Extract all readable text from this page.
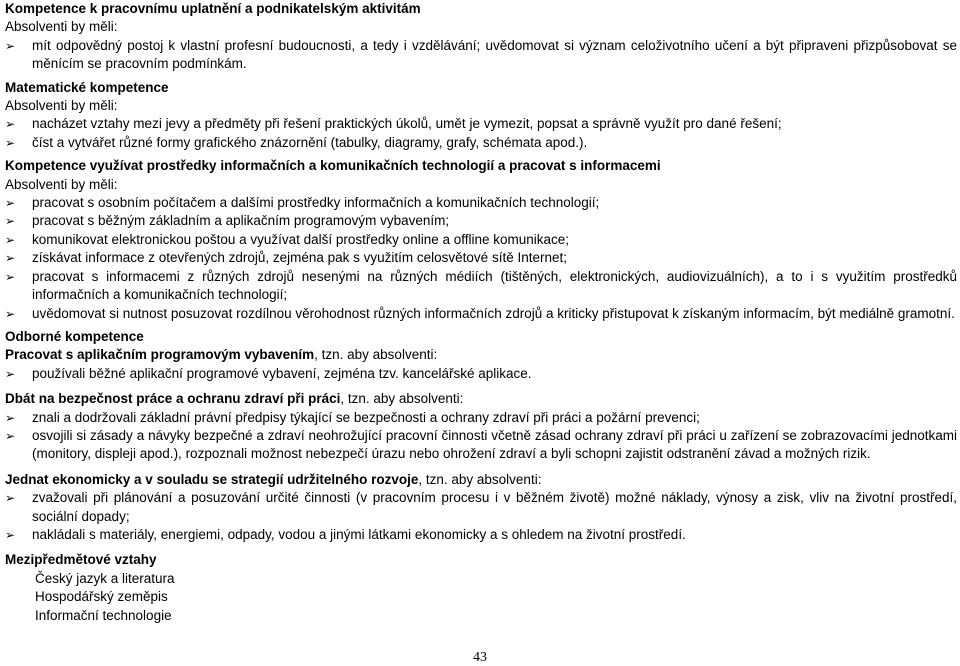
Kompetence k pracovnímu uplatnění a podnikatelským aktivitám
Absolventi by měli:
➢	mít odpovědný postoj k vlastní profesní budoucnosti, a tedy i vzdělávání; uvědomovat si význam celoživotního učení a být připraveni přizpůsobovat se měnícím se pracovním podmínkám.
Matematické kompetence
Absolventi by měli:
➢	nacházet vztahy mezi jevy a předměty při řešení praktických úkolů, umět je vymezit, popsat a správně využít pro dané řešení;
➢	číst a vytvářet různé formy grafického znázornění (tabulky, diagramy, grafy, schémata apod.).
Kompetence využívat prostředky informačních a komunikačních technologií a pracovat s informacemi
Absolventi by měli:
➢	pracovat s osobním počítačem a dalšími prostředky informačních a komunikačních technologií;
➢	pracovat s běžným základním a aplikačním programovým vybavením;
➢	komunikovat elektronickou poštou a využívat další prostředky online a offline komunikace;
➢	získávat informace z otevřených zdrojů, zejména pak s využitím celosvětové sítě Internet;
➢	pracovat s informacemi z různých zdrojů nesenými na různých médiích (tištěných, elektronických, audiovizuálních), a to i s využitím prostředků informačních a komunikačních technologií;
➢	uvědomovat si nutnost posuzovat rozdílnou věrohodnost různých informačních zdrojů a kriticky přistupovat k získaným informacím, být mediálně gramotní.
Odborné kompetence
Pracovat s aplikačním programovým vybavením, tzn. aby absolventi:
➢	používali běžné aplikační programové vybavení, zejména tzv. kancelářské aplikace.
Dbát na bezpečnost práce a ochranu zdraví při práci, tzn. aby absolventi:
➢	znali a dodržovali základní právní předpisy týkající se bezpečnosti a ochrany zdraví při práci a požární prevenci;
➢	osvojili si zásady a návyky bezpečné a zdraví neohrožující pracovní činnosti včetně zásad ochrany zdraví při práci u zařízení se zobrazovacími jednotkami (monitory, displeji apod.), rozpoznali možnost nebezpečí úrazu nebo ohrožení zdraví a byli schopni zajistit odstranění závad a možných rizik.
Jednat ekonomicky a v souladu se strategií udržitelného rozvoje, tzn. aby absolventi:
➢	zvažovali při plánování a posuzování určité činnosti (v pracovním procesu i v běžném životě) možné náklady, výnosy a zisk, vliv na životní prostředí, sociální dopady;
➢	nakládali s materiály, energiemi, odpady, vodou a jinými látkami ekonomicky a s ohledem na životní prostředí.
Mezipředmětové vztahy
Český jazyk a literatura
Hospodářský zeměpis
Informační technologie
43
